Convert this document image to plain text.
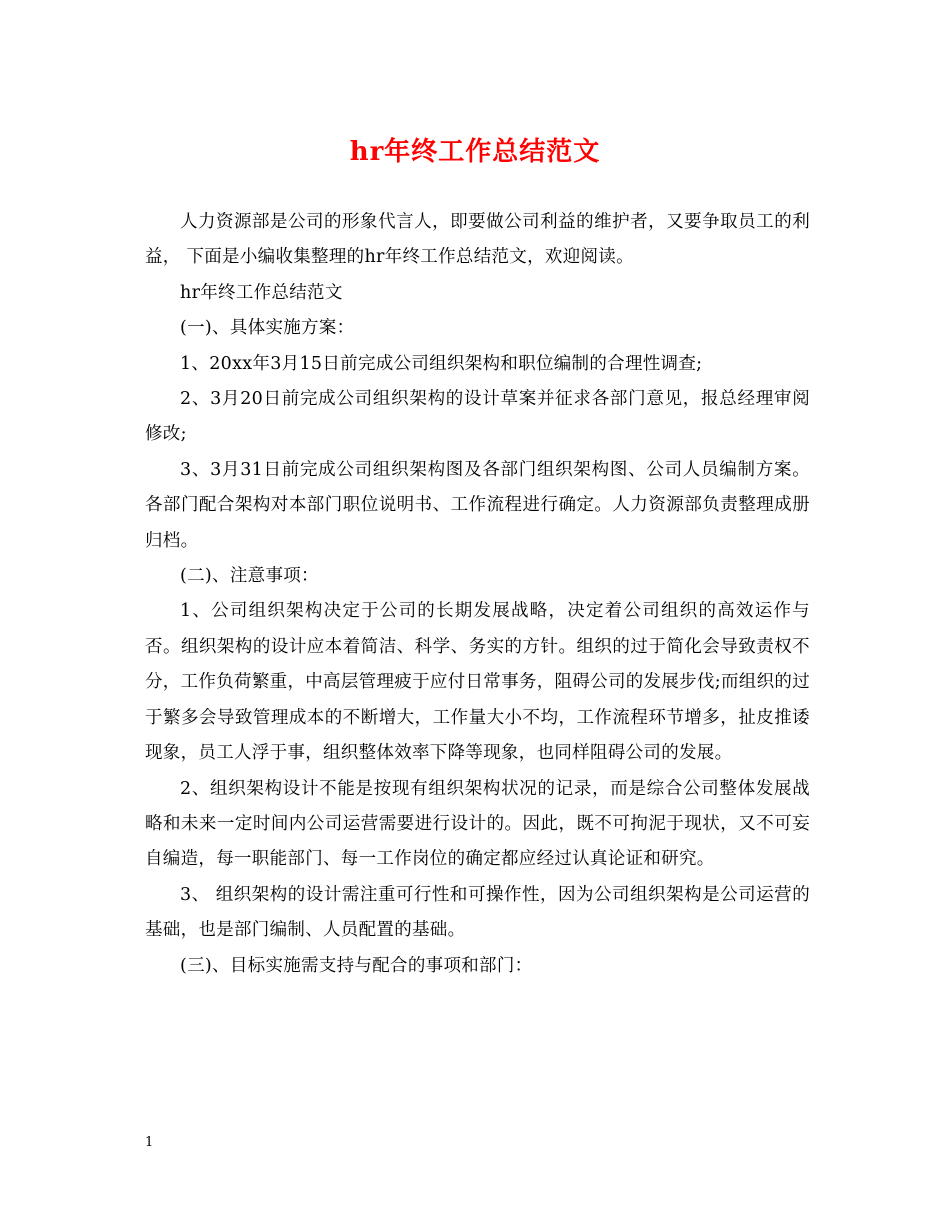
hr年终工作总结范文

人力资源部是公司的形象代言人，即要做公司利益的维护者，又要争取员工的利益， 下面是小编收集整理的hr年终工作总结范文，欢迎阅读。

hr年终工作总结范文

(一)、具体实施方案：

1、20xx年3月15日前完成公司组织架构和职位编制的合理性调查;

2、3月20日前完成公司组织架构的设计草案并征求各部门意见，报总经理审阅修改;

3、3月31日前完成公司组织架构图及各部门组织架构图、公司人员编制方案。各部门配合架构对本部门职位说明书、工作流程进行确定。人力资源部负责整理成册归档。

(二)、注意事项：

1、公司组织架构决定于公司的长期发展战略，决定着公司组织的高效运作与否。组织架构的设计应本着简洁、科学、务实的方针。组织的过于简化会导致责权不分，工作负荷繁重，中高层管理疲于应付日常事务，阻碍公司的发展步伐;而组织的过于繁多会导致管理成本的不断增大，工作量大小不均，工作流程环节增多，扯皮推诿现象，员工人浮于事，组织整体效率下降等现象，也同样阻碍公司的发展。

2、组织架构设计不能是按现有组织架构状况的记录，而是综合公司整体发展战略和未来一定时间内公司运营需要进行设计的。因此，既不可拘泥于现状，又不可妄自编造，每一职能部门、每一工作岗位的确定都应经过认真论证和研究。

3、 组织架构的设计需注重可行性和可操作性，因为公司组织架构是公司运营的基础，也是部门编制、人员配置的基础。

(三)、目标实施需支持与配合的事项和部门：

1
